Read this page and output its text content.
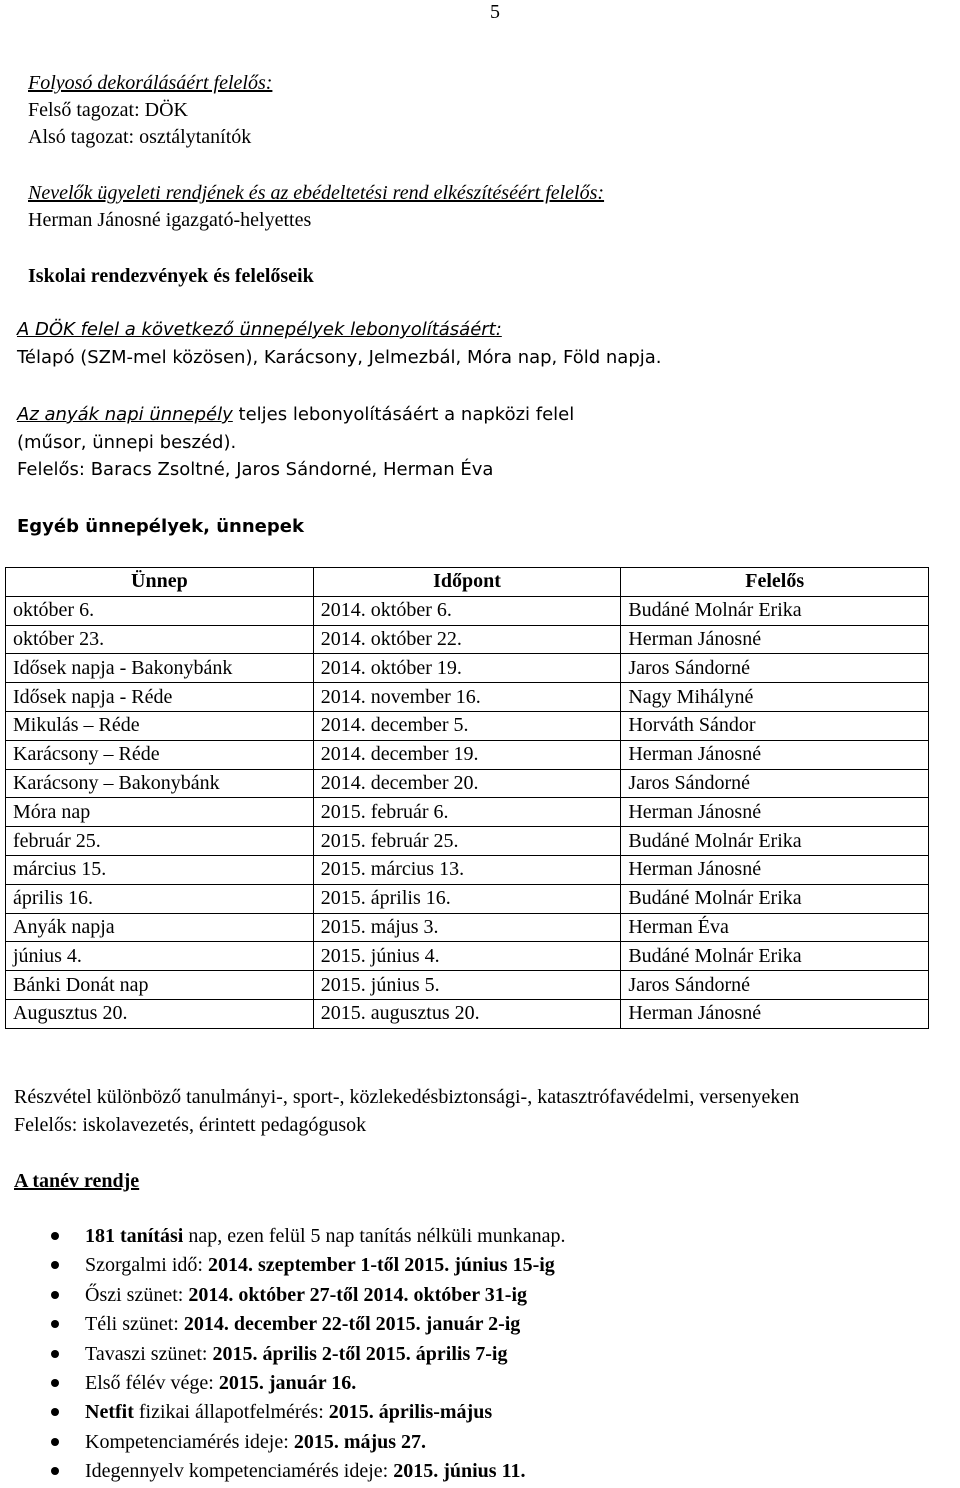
5
Folyosó dekorálásáért felelős:
Felső tagozat: DÖK
Alsó tagozat: osztálytanítók
Nevelők ügyeleti rendjének és az ebédeltetési rend elkészítéséért felelős:
Herman Jánosné igazgató-helyettes
Iskolai rendezvények és felelőseik
A DÖK felel a következő ünnepélyek lebonyolításáért:
Télapó (SZM-mel közösen), Karácsony, Jelmezbál, Móra nap, Föld napja.
Az anyák napi ünnepély teljes lebonyolításáért a napközi felel
(műsor, ünnepi beszéd).
Felelős: Baracs Zsoltné, Jaros Sándorné, Herman Éva
Egyéb ünnepélyek, ünnepek
Ünnep	Időpont	Felelős
október 6.	2014. október 6.	Budáné Molnár Erika
október 23.	2014. október 22.	Herman Jánosné
Idősek napja - Bakonybánk	2014. október 19.	Jaros Sándorné
Idősek napja - Réde	2014. november 16.	Nagy Mihályné
Mikulás – Réde	2014. december 5.	Horváth Sándor
Karácsony – Réde	2014. december 19.	Herman Jánosné
Karácsony – Bakonybánk	2014. december 20.	Jaros Sándorné
Móra nap	2015. február 6.	Herman Jánosné
február 25.	2015. február 25.	Budáné Molnár Erika
március 15.	2015. március 13.	Herman Jánosné
április 16.	2015. április 16.	Budáné Molnár Erika
Anyák napja	2015. május 3.	Herman Éva
június 4.	2015. június 4.	Budáné Molnár Erika
Bánki Donát nap	2015. június 5.	Jaros Sándorné
Augusztus 20.	2015. augusztus 20.	Herman Jánosné
Részvétel különböző tanulmányi-, sport-, közlekedésbiztonsági-, katasztrófavédelmi, versenyeken
Felelős: iskolavezetés, érintett pedagógusok
A tanév rendje
181 tanítási nap, ezen felül 5 nap tanítás nélküli munkanap.
Szorgalmi idő: 2014. szeptember 1-től 2015. június 15-ig
Őszi szünet: 2014. október 27-től 2014. október 31-ig
Téli szünet: 2014. december 22-től 2015. január 2-ig
Tavaszi szünet: 2015. április 2-től 2015. április 7-ig
Első félév vége: 2015. január 16.
Netfit fizikai állapotfelmérés: 2015. április-május
Kompetenciamérés ideje: 2015. május 27.
Idegennyelv kompetenciamérés ideje: 2015. június 11.
